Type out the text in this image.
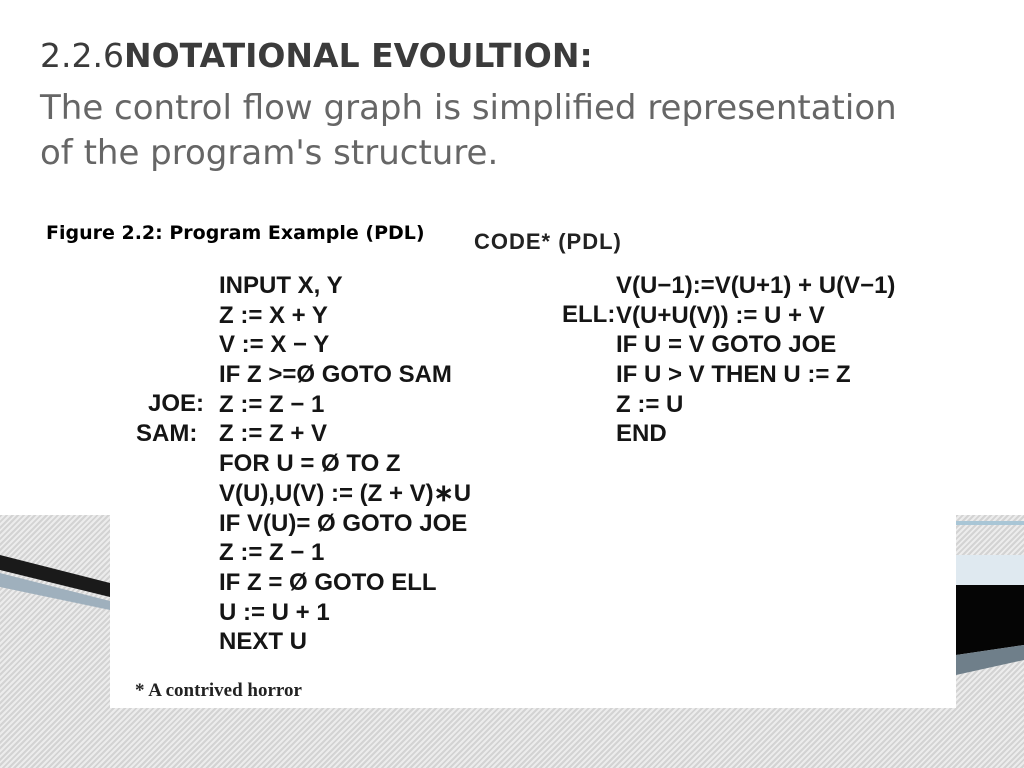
2.2.6NOTATIONAL EVOULTION:

The control flow graph is simplified representation
of the program's structure.

Figure 2.2: Program Example (PDL) CODE* (PDL)
INPUT X, Y
Z := X + Y
V := X − Y
IF Z >=Ø GOTO SAM
Z := Z − 1
Z := Z + V
FOR U = Ø TO Z
V(U),U(V) := (Z + V)∗U
IF V(U)= Ø GOTO JOE
Z := Z − 1
IF Z = Ø GOTO ELL
U := U + 1
NEXT U
JOE:
SAM:
V(U−1):=V(U+1) + U(V−1)
V(U+U(V)) := U + V
IF U = V GOTO JOE
IF U > V THEN U := Z
Z := U
END
ELL:

* A contrived horror
